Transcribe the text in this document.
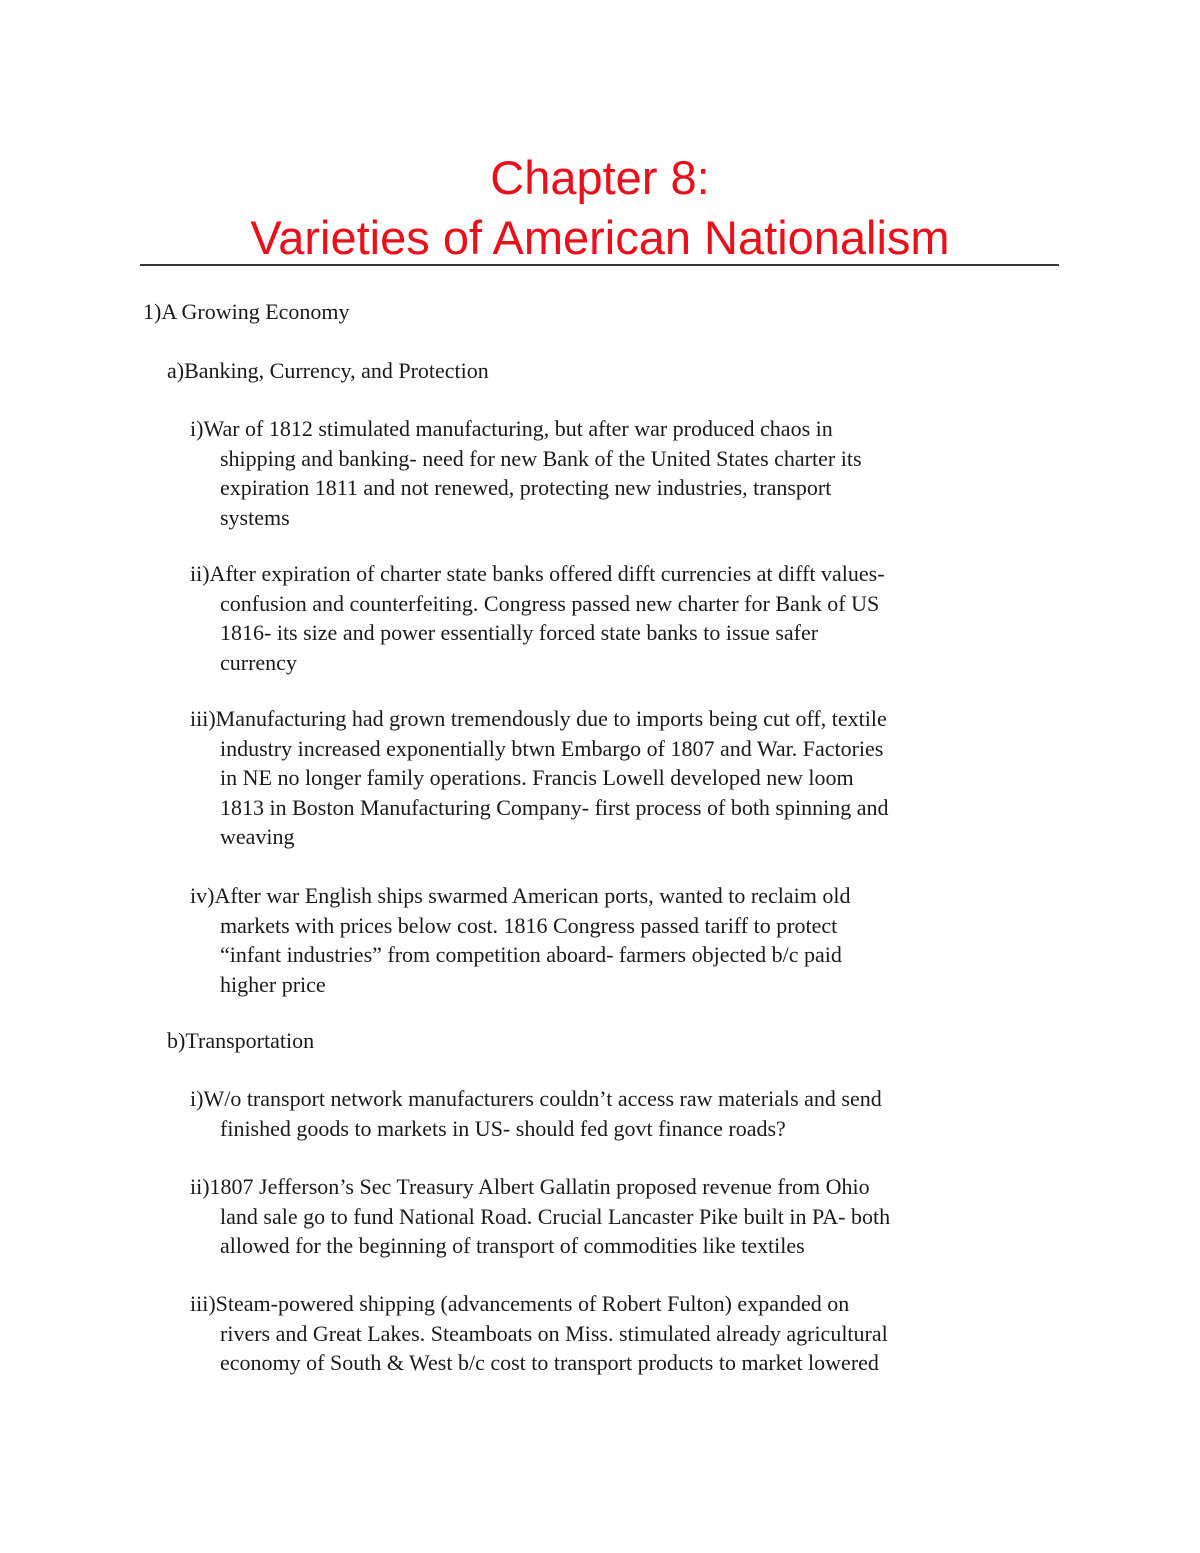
Chapter 8:
Varieties of American Nationalism
1)A Growing Economy
a)Banking, Currency, and Protection
i)War of 1812 stimulated manufacturing, but after war produced chaos in
shipping and banking- need for new Bank of the United States charter its
expiration 1811 and not renewed, protecting new industries, transport
systems
ii)After expiration of charter state banks offered difft currencies at difft values-
confusion and counterfeiting. Congress passed new charter for Bank of US
1816- its size and power essentially forced state banks to issue safer
currency
iii)Manufacturing had grown tremendously due to imports being cut off, textile
industry increased exponentially btwn Embargo of 1807 and War. Factories
in NE no longer family operations. Francis Lowell developed new loom
1813 in Boston Manufacturing Company- first process of both spinning and
weaving
iv)After war English ships swarmed American ports, wanted to reclaim old
markets with prices below cost. 1816 Congress passed tariff to protect
“infant industries” from competition aboard- farmers objected b/c paid
higher price
b)Transportation
i)W/o transport network manufacturers couldn’t access raw materials and send
finished goods to markets in US- should fed govt finance roads?
ii)1807 Jefferson’s Sec Treasury Albert Gallatin proposed revenue from Ohio
land sale go to fund National Road. Crucial Lancaster Pike built in PA- both
allowed for the beginning of transport of commodities like textiles
iii)Steam-powered shipping (advancements of Robert Fulton) expanded on
rivers and Great Lakes. Steamboats on Miss. stimulated already agricultural
economy of South & West b/c cost to transport products to market lowered
